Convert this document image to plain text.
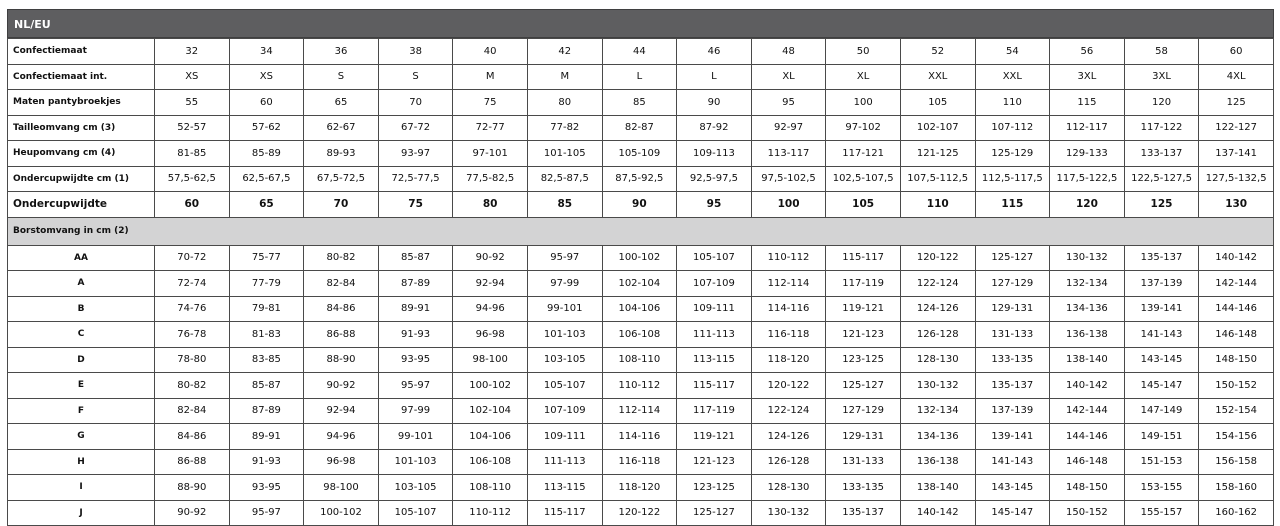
NL/EU
Confectiemaat	32	34	36	38	40	42	44	46	48	50	52	54	56	58	60
Confectiemaat int.	XS	XS	S	S	M	M	L	L	XL	XL	XXL	XXL	3XL	3XL	4XL
Maten pantybroekjes	55	60	65	70	75	80	85	90	95	100	105	110	115	120	125
Tailleomvang cm (3)	52-57	57-62	62-67	67-72	72-77	77-82	82-87	87-92	92-97	97-102	102-107	107-112	112-117	117-122	122-127
Heupomvang cm (4)	81-85	85-89	89-93	93-97	97-101	101-105	105-109	109-113	113-117	117-121	121-125	125-129	129-133	133-137	137-141
Ondercupwijdte cm (1)	57,5-62,5	62,5-67,5	67,5-72,5	72,5-77,5	77,5-82,5	82,5-87,5	87,5-92,5	92,5-97,5	97,5-102,5	102,5-107,5	107,5-112,5	112,5-117,5	117,5-122,5	122,5-127,5	127,5-132,5
Ondercupwijdte	60	65	70	75	80	85	90	95	100	105	110	115	120	125	130
Borstomvang in cm (2)															
AA	70-72	75-77	80-82	85-87	90-92	95-97	100-102	105-107	110-112	115-117	120-122	125-127	130-132	135-137	140-142
A	72-74	77-79	82-84	87-89	92-94	97-99	102-104	107-109	112-114	117-119	122-124	127-129	132-134	137-139	142-144
B	74-76	79-81	84-86	89-91	94-96	99-101	104-106	109-111	114-116	119-121	124-126	129-131	134-136	139-141	144-146
C	76-78	81-83	86-88	91-93	96-98	101-103	106-108	111-113	116-118	121-123	126-128	131-133	136-138	141-143	146-148
D	78-80	83-85	88-90	93-95	98-100	103-105	108-110	113-115	118-120	123-125	128-130	133-135	138-140	143-145	148-150
E	80-82	85-87	90-92	95-97	100-102	105-107	110-112	115-117	120-122	125-127	130-132	135-137	140-142	145-147	150-152
F	82-84	87-89	92-94	97-99	102-104	107-109	112-114	117-119	122-124	127-129	132-134	137-139	142-144	147-149	152-154
G	84-86	89-91	94-96	99-101	104-106	109-111	114-116	119-121	124-126	129-131	134-136	139-141	144-146	149-151	154-156
H	86-88	91-93	96-98	101-103	106-108	111-113	116-118	121-123	126-128	131-133	136-138	141-143	146-148	151-153	156-158
I	88-90	93-95	98-100	103-105	108-110	113-115	118-120	123-125	128-130	133-135	138-140	143-145	148-150	153-155	158-160
J	90-92	95-97	100-102	105-107	110-112	115-117	120-122	125-127	130-132	135-137	140-142	145-147	150-152	155-157	160-162
